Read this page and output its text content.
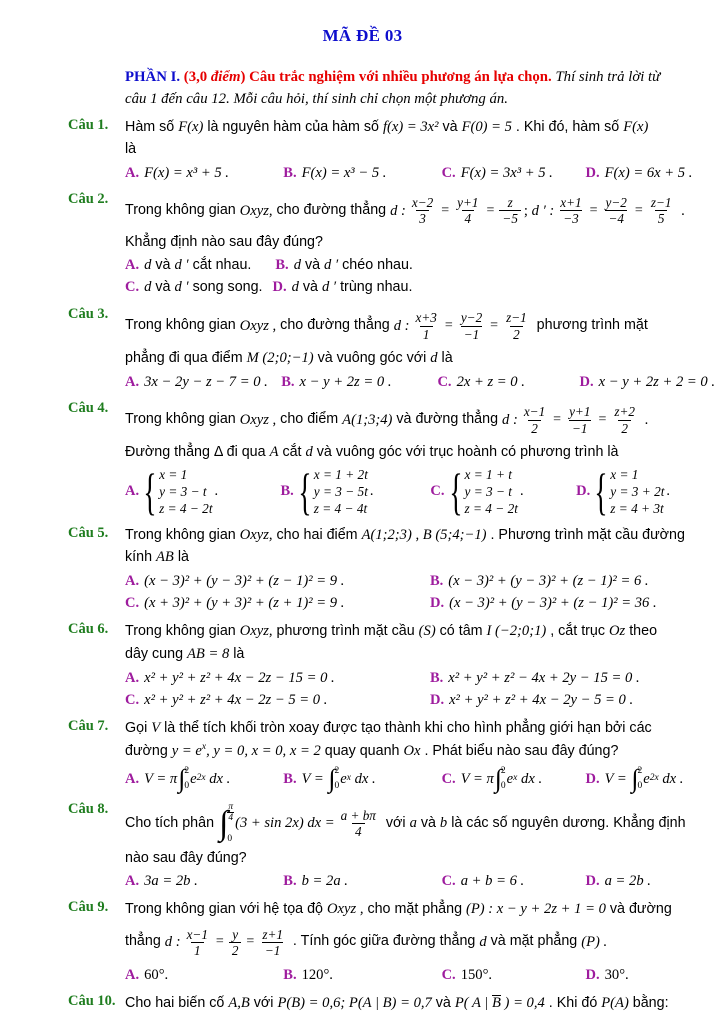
MÃ ĐỀ 03
PHẦN I. (3,0 điểm) Câu trắc nghiệm với nhiều phương án lựa chọn. Thí sinh trả lời từ
câu 1 đến câu 12. Mỗi câu hỏi, thí sinh chỉ chọn một phương án.
Câu 1.	Hàm số F(x) là nguyên hàm của hàm số f(x) = 3x² và F(0) = 5 . Khi đó, hàm số F(x)
là
A. F(x) = x³ + 5 .	B. F(x) = x³ − 5 .	C. F(x) = 3x³ + 5 . D. F(x) = 6x + 5 .
Câu 2.
Trong không gian Oxyz, cho đường thẳng d : $\frac{x-2}{3} = \frac{y+1}{4} = \frac{z}{-5}$ ; d ′ : $\frac{x+1}{-3} = \frac{y-2}{-4} = \frac{z-1}{5}$ .
Khẳng định nào sau đây đúng?
A. d và d ′ cắt nhau. B. d và d ′ chéo nhau.
C. d và d ′ song song. D. d và d ′ trùng nhau.
Câu 3.
Trong không gian Oxyz , cho đường thẳng d : $\frac{x+3}{1} = \frac{y-2}{-1} = \frac{z-1}{2}$ phương trình mặt
phẳng đi qua điểm M (2;0;−1) và vuông góc với d là
A. 3x − 2y − z − 7 = 0 . B. x − y + 2z = 0 .	C. 2x + z = 0 .	D. x − y + 2z + 2 = 0 .
Câu 4.
Trong không gian Oxyz , cho điểm A(1;3;4) và đường thẳng d : $\frac{x-1}{2} = \frac{y+1}{-1} = \frac{z+2}{2}$ .
Đường thẳng Δ đi qua A cắt d và vuông góc với trục hoành có phương trình là
A. { x = 1
y = 3 − t
z = 4 − 2t
.	B. { x = 1 + 2t
y = 3 − 5t
z = 4 − 4t
.	C. { x = 1 + t
y = 3 − t
z = 4 − 2t
.	D. { x = 1
y = 3 + 2t
z = 4 + 3t
.
Câu 5.	Trong không gian Oxyz, cho hai điểm A(1;2;3) , B (5;4;−1) . Phương trình mặt cầu đường
kính AB là
A. (x − 3)² + (y − 3)² + (z − 1)² = 9 .	B. (x − 3)² + (y − 3)² + (z − 1)² = 6 .
C. (x + 3)² + (y + 3)² + (z + 1)² = 9 .	D. (x − 3)² + (y − 3)² + (z − 1)² = 36 .
Câu 6.	Trong không gian Oxyz, phương trình mặt cầu (S) có tâm I (−2;0;1) , cắt trục Oz theo
dây cung AB = 8 là
A. x² + y² + z² + 4x − 2z − 15 = 0 .	B. x² + y² + z² − 4x + 2y − 15 = 0 .
C. x² + y² + z² + 4x − 2z − 5 = 0 .	D. x² + y² + z² + 4x − 2y − 5 = 0 .
Câu 7.	Gọi V là thể tích khối tròn xoay được tạo thành khi cho hình phẳng giới hạn bởi các
đường $y = e^x$, y = 0, x = 0, x = 2 quay quanh Ox . Phát biểu nào sau đây đúng?
A. V = π ∫ 2
0 e 2x dx .	B. V = ∫ 2
0 e x dx .	C. V = π ∫ 2
0 e x dx .	D. V = ∫ 2
0 e 2x dx .
Câu 8.
Cho tích phân ∫ $\frac{\pi}{4}$
0
(3 + sin 2x) dx = $\frac{a + b\pi}{4}$ với a và b là các số nguyên dương. Khẳng định
nào sau đây đúng?
A. 3a = 2b .	B. b = 2a .	C. a + b = 6 .	D. a = 2b .
Câu 9.	Trong không gian với hệ tọa độ Oxyz , cho mặt phẳng (P) : x − y + 2z + 1 = 0 và đường
thẳng d : $\frac{x-1}{1} = \frac{y}{2} = \frac{z+1}{-1}$ . Tính góc giữa đường thẳng d và mặt phẳng (P) .
A. 60°.	B. 120°.	C. 150°.	D. 30°.
Câu 10. Cho hai biến cố A,B với P(B) = 0,6; P(A | B) = 0,7 và P( A | B ) = 0,4 . Khi đó P(A) bằng:
